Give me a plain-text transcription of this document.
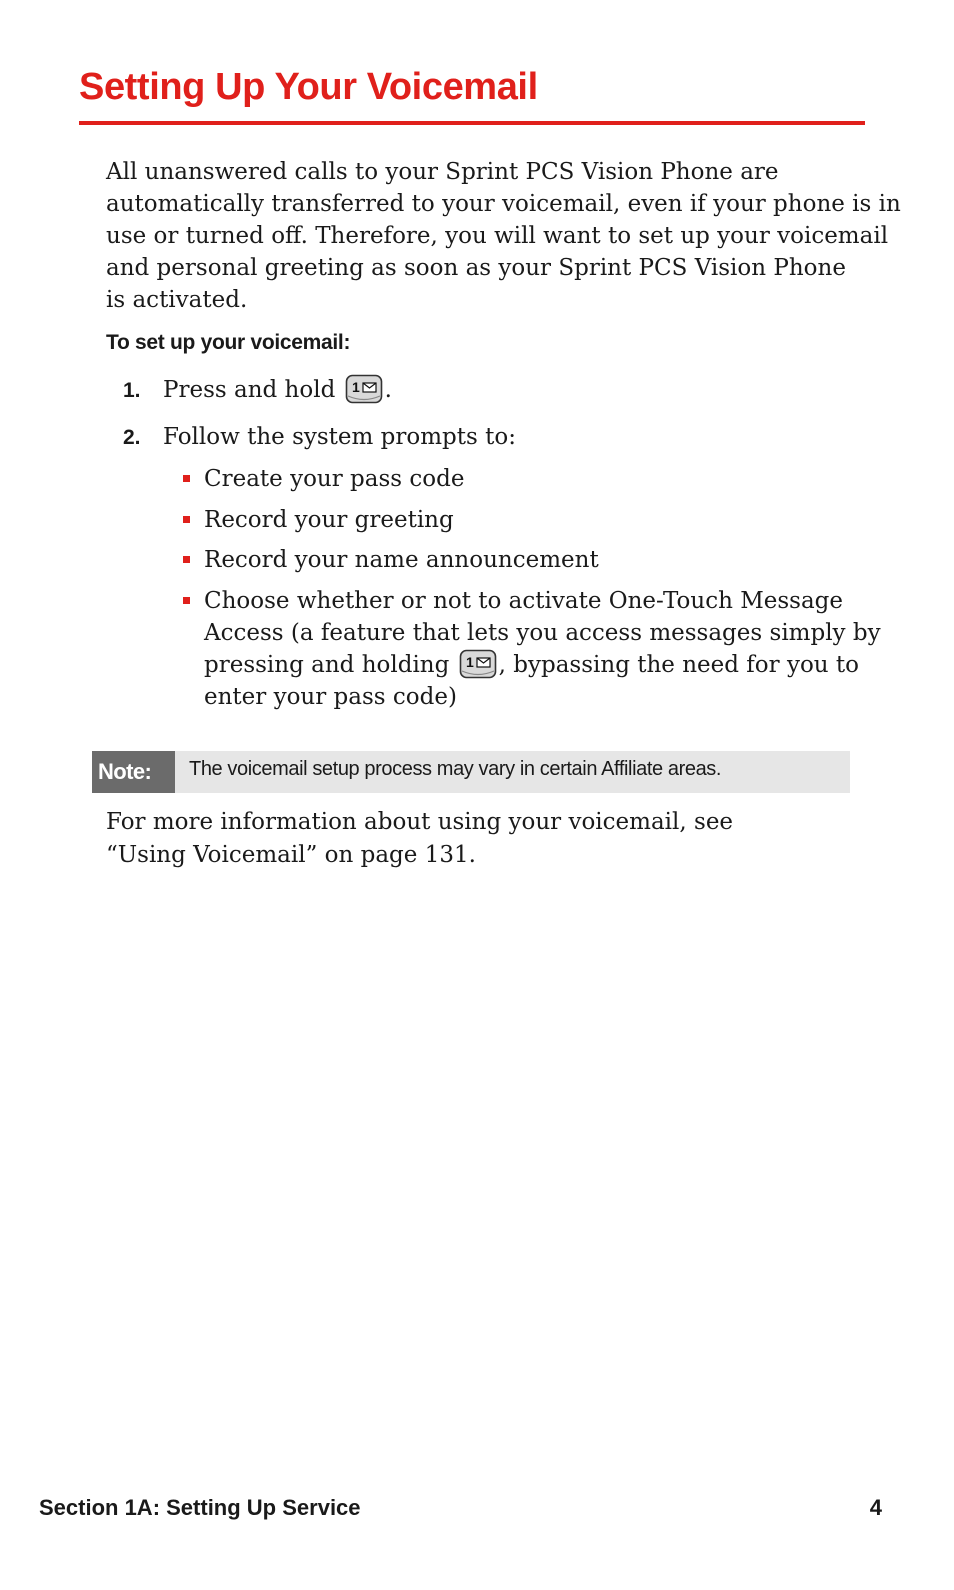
Setting Up Your Voicemail

All unanswered calls to your Sprint PCS Vision Phone are
automatically transferred to your voicemail, even if your phone is in
use or turned off. Therefore, you will want to set up your voicemail
and personal greeting as soon as your Sprint PCS Vision Phone
is activated.

To set up your voicemail:

1. Press and hold 1 .
2. Follow the system prompts to:
Create your pass code
Record your greeting
Record your name announcement
Choose whether or not to activate One-Touch Message
Access (a feature that lets you access messages simply by
pressing and holding 1 , bypassing the need for you to
enter your pass code)
Note:	The voicemail setup process may vary in certain Affiliate areas.
For more information about using your voicemail, see
“Using Voicemail” on page 131.
Section 1A: Setting Up Service	4
